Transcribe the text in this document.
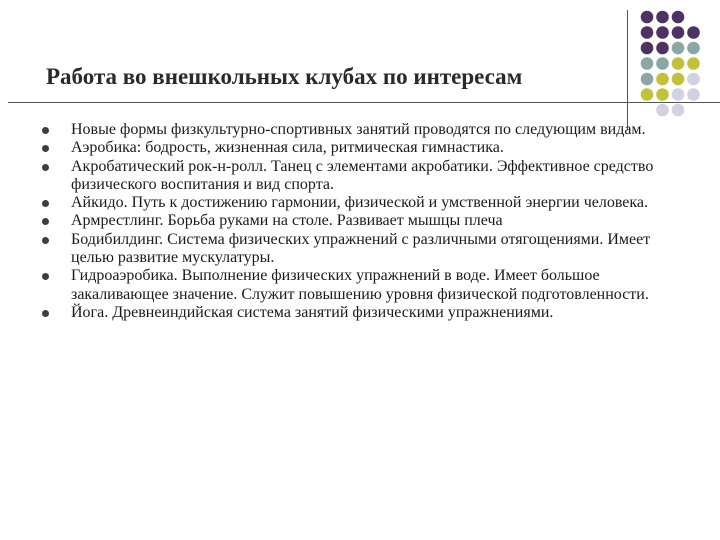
Работа во внешкольных клубах по интересам
Новые формы физкультурно-спортивных занятий проводятся по следующим видам.
Аэробика: бодрость, жизненная сила, ритмическая гимнастика.
Акробатический рок-н-ролл. Танец с элементами акробатики. Эффективное средство физического воспитания и вид спорта.
Айкидо. Путь к достижению гармонии, физической и умственной энергии человека.
Армрестлинг. Борьба руками на столе. Развивает мышцы плеча
Бодибилдинг. Система физических упражнений с различными отягощениями. Имеет целью развитие мускулатуры.
Гидроаэробика. Выполнение физических упражнений в воде. Имеет большое закаливающее значение. Служит повышению уровня физической подготовленности.
Йога. Древнеиндийская система занятий физическими упражнениями.
